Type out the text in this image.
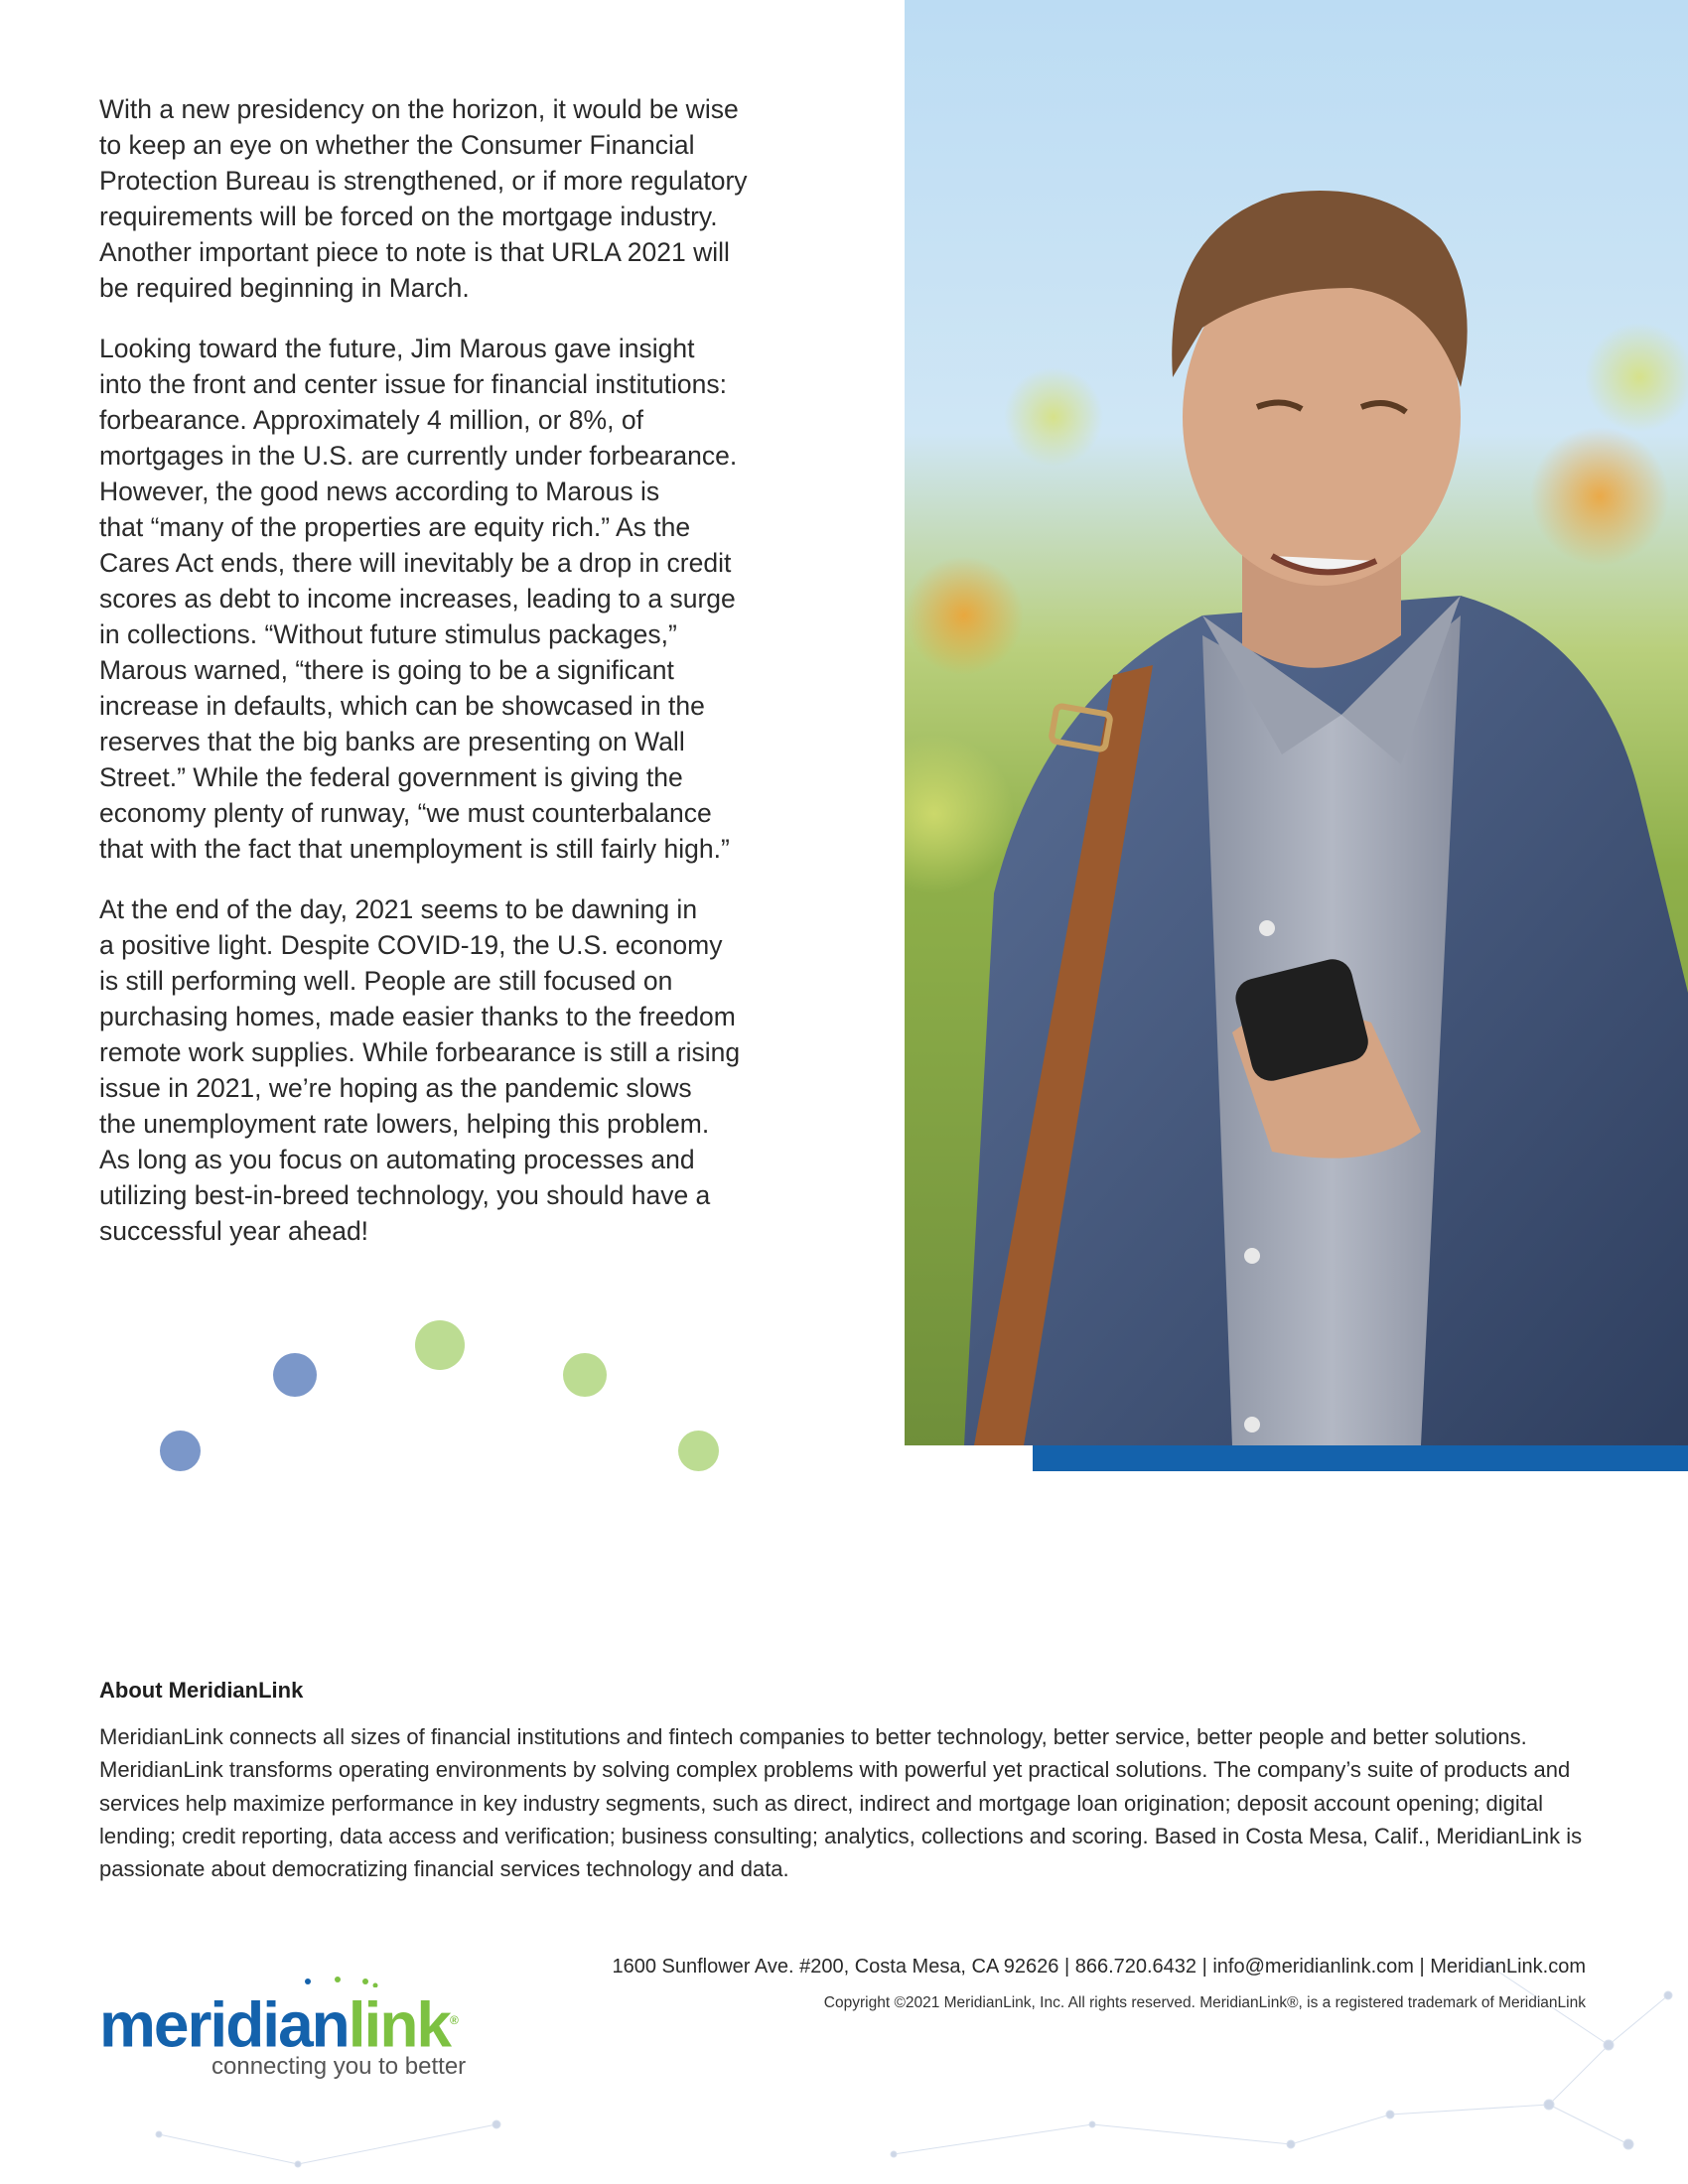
With a new presidency on the horizon, it would be wise
to keep an eye on whether the Consumer Financial
Protection Bureau is strengthened, or if more regulatory
requirements will be forced on the mortgage industry.
Another important piece to note is that URLA 2021 will
be required beginning in March.

Looking toward the future, Jim Marous gave insight
into the front and center issue for financial institutions:
forbearance. Approximately 4 million, or 8%, of
mortgages in the U.S. are currently under forbearance.
However, the good news according to Marous is
that “many of the properties are equity rich.” As the
Cares Act ends, there will inevitably be a drop in credit
scores as debt to income increases, leading to a surge
in collections. “Without future stimulus packages,”
Marous warned, “there is going to be a significant
increase in defaults, which can be showcased in the
reserves that the big banks are presenting on Wall
Street.” While the federal government is giving the
economy plenty of runway, “we must counterbalance
that with the fact that unemployment is still fairly high.”

At the end of the day, 2021 seems to be dawning in
a positive light. Despite COVID-19, the U.S. economy
is still performing well. People are still focused on
purchasing homes, made easier thanks to the freedom
remote work supplies. While forbearance is still a rising
issue in 2021, we’re hoping as the pandemic slows
the unemployment rate lowers, helping this problem.
As long as you focus on automating processes and
utilizing best-in-breed technology, you should have a
successful year ahead!

About MeridianLink
MeridianLink connects all sizes of financial institutions and fintech companies to better technology, better service, better people and better solutions. MeridianLink transforms operating environments by solving complex problems with powerful yet practical solutions. The company’s suite of products and services help maximize performance in key industry segments, such as direct, indirect and mortgage loan origination; deposit account opening; digital lending; credit reporting, data access and verification; business consulting; analytics, collections and scoring. Based in Costa Mesa, Calif., MeridianLink is passionate about democratizing financial services technology and data.
1600 Sunflower Ave. #200, Costa Mesa, CA 92626 | 866.720.6432 | info@meridianlink.com | MeridianLink.com
Copyright ©2021 MeridianLink, Inc. All rights reserved. MeridianLink®, is a registered trademark of MeridianLink
meridianlink®
connecting you to better
